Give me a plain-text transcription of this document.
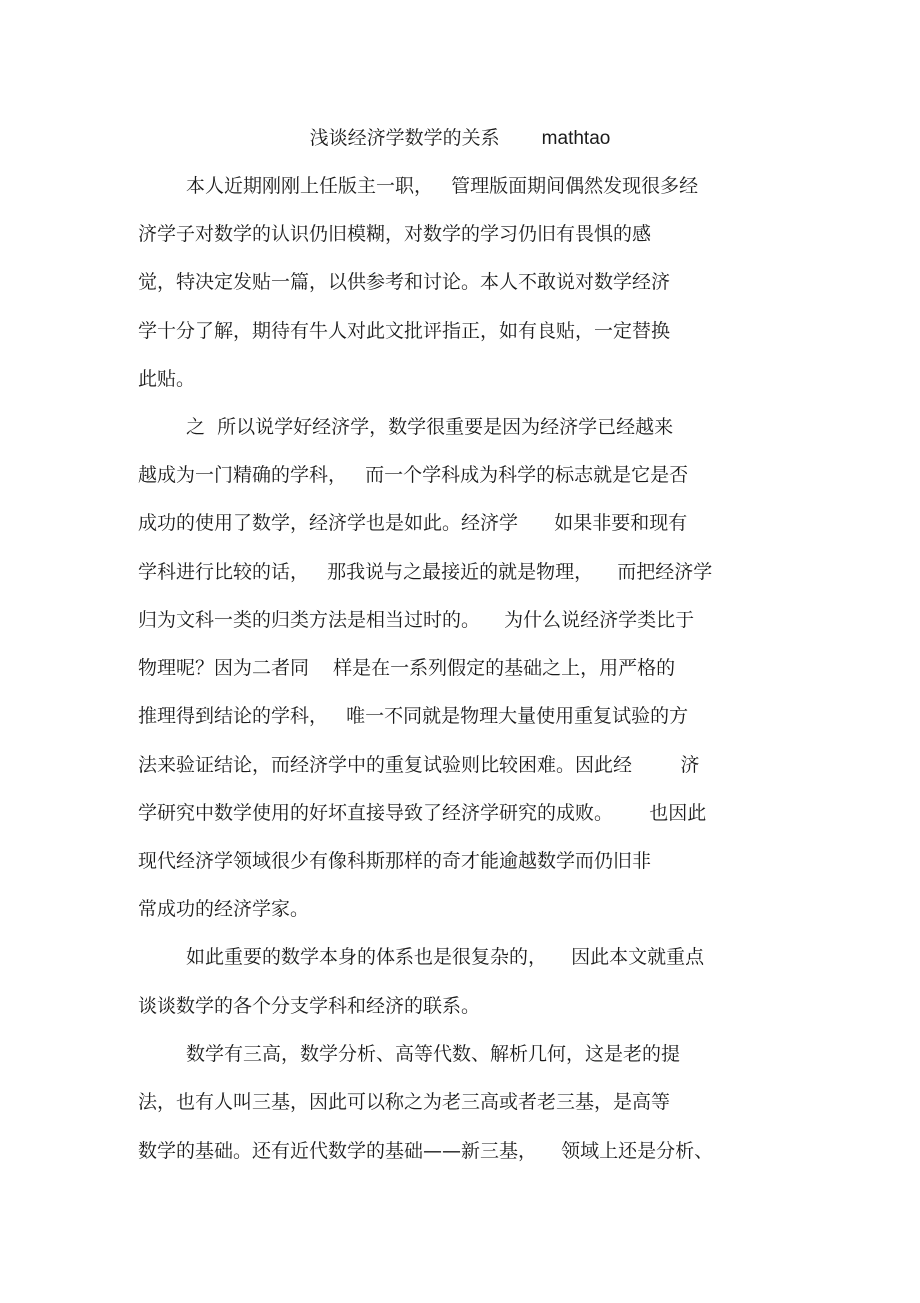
浅谈经济学数学的关系 mathtao
本人近期刚刚上任版主一职，   管理版面期间偶然发现很多经
济学子对数学的认识仍旧模糊，对数学的学习仍旧有畏惧的感
觉，特决定发贴一篇，以供参考和讨论。本人不敢说对数学经济
学十分了解，期待有牛人对此文批评指正，如有良贴，一定替换
此贴。
之  所以说学好经济学，数学很重要是因为经济学已经越来
越成为一门精确的学科，   而一个学科成为科学的标志就是它是否
成功的使用了数学，经济学也是如此。经济学      如果非要和现有
学科进行比较的话，   那我说与之最接近的就是物理，    而把经济学
归为文科一类的归类方法是相当过时的。    为什么说经济学类比于
物理呢？因为二者同    样是在一系列假定的基础之上，用严格的
推理得到结论的学科，   唯一不同就是物理大量使用重复试验的方
法来验证结论，而经济学中的重复试验则比较困难。因此经        济
学研究中数学使用的好坏直接导致了经济学研究的成败。      也因此
现代经济学领域很少有像科斯那样的奇才能逾越数学而仍旧非
常成功的经济学家。
如此重要的数学本身的体系也是很复杂的，    因此本文就重点
谈谈数学的各个分支学科和经济的联系。
数学有三高，数学分析、高等代数、解析几何，这是老的提
法，也有人叫三基，因此可以称之为老三高或者老三基，是高等
数学的基础。还有近代数学的基础——新三基，    领域上还是分析、
